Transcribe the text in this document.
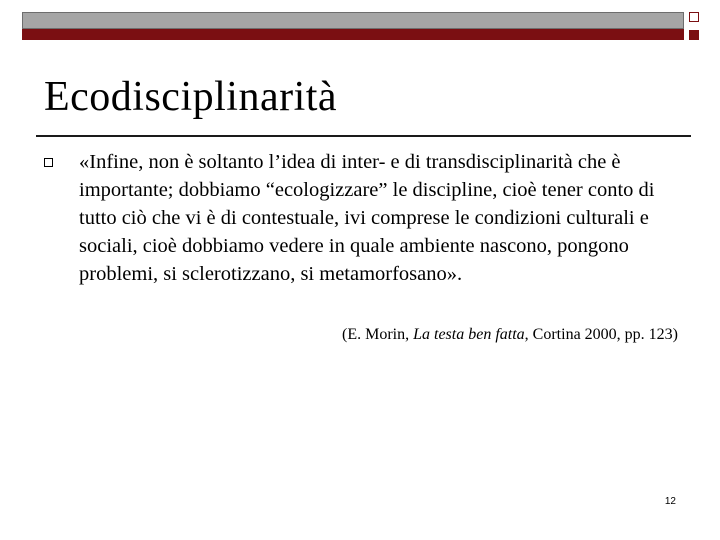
Ecodisciplinarità

«Infine, non è soltanto l’idea di inter- e di transdisciplinarità che è importante; dobbiamo “ecologizzare” le discipline, cioè tener conto di tutto ciò che vi è di contestuale, ivi comprese le condizioni culturali e sociali, cioè dobbiamo vedere in quale ambiente nascono, pongono problemi, si sclerotizzano, si metamorfosano».

(E. Morin, La testa ben fatta, Cortina 2000, pp. 123)

12
